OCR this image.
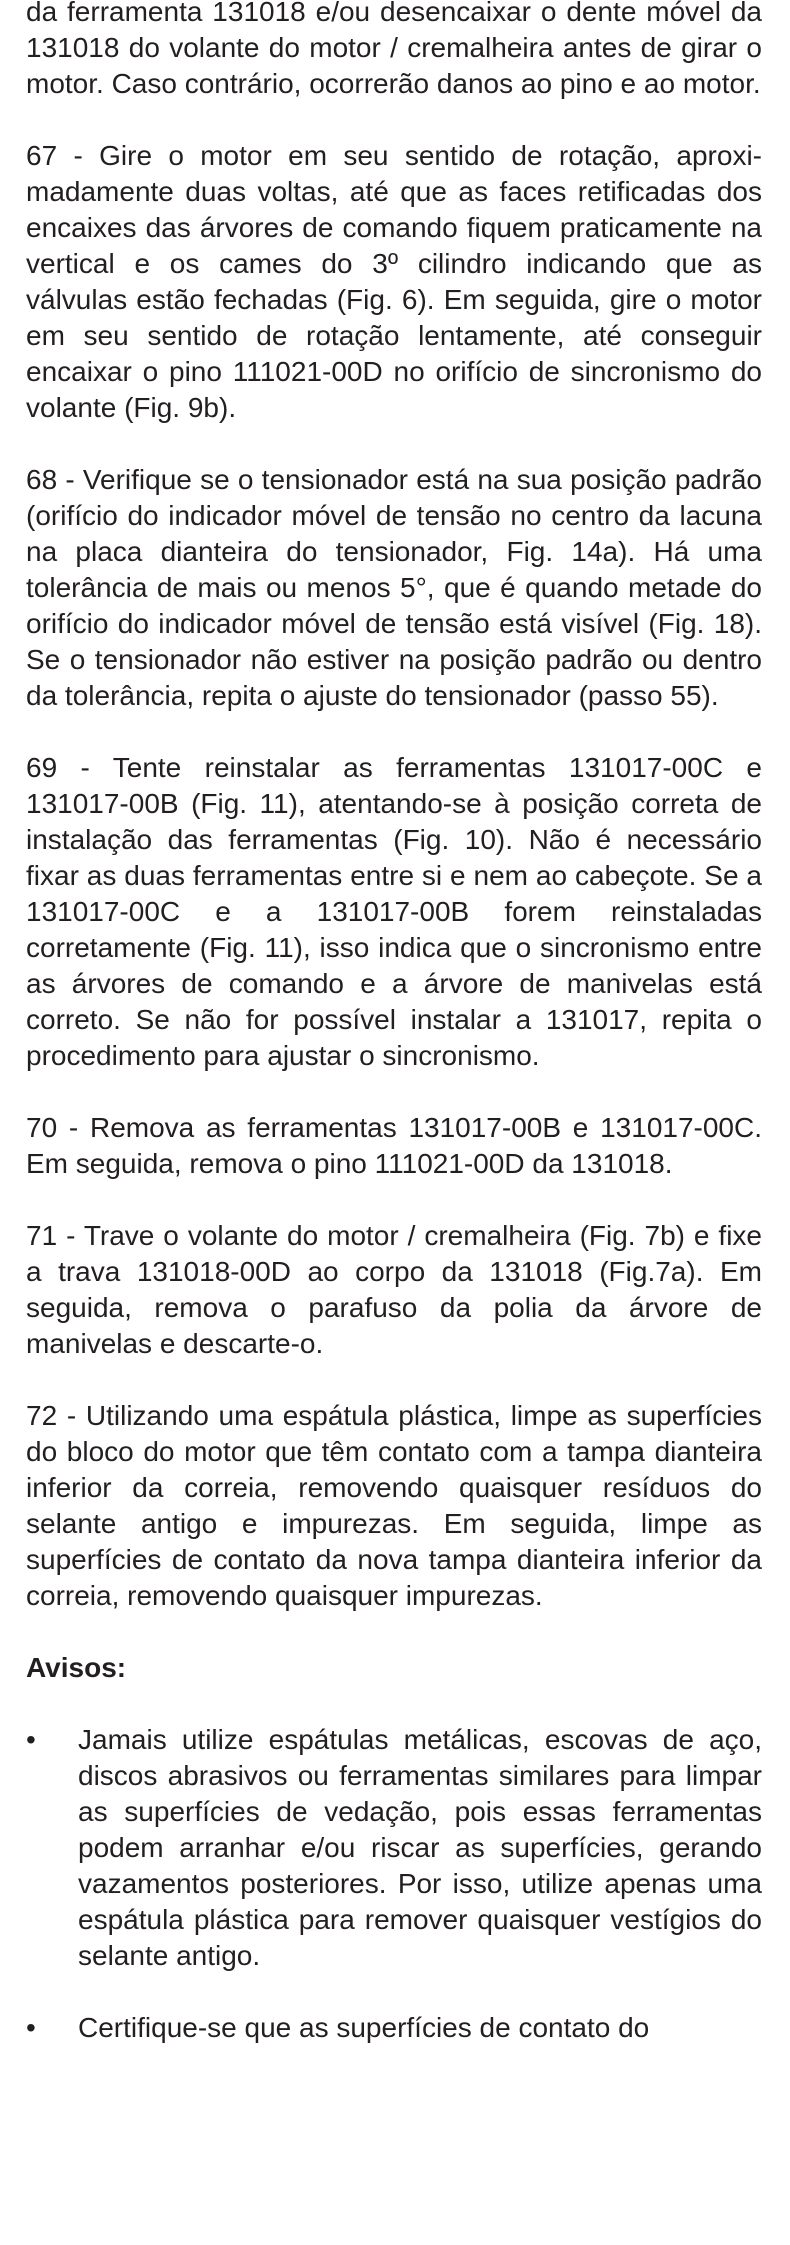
da ferramenta 131018 e/ou desencaixar o dente móvel da 131018 do volante do motor / cremalheira antes de girar o motor. Caso contrário, ocorrerão danos ao pino e ao motor.

67 - Gire o motor em seu sentido de rotação, aproximadamente duas voltas, até que as faces retificadas dos encaixes das árvores de comando fiquem praticamente na vertical e os cames do 3º cilindro indicando que as válvulas estão fechadas (Fig. 6). Em seguida, gire o motor em seu sentido de rotação lentamente, até conseguir encaixar o pino 111021-00D no orifício de sincronismo do volante (Fig. 9b).

68 - Verifique se o tensionador está na sua posição padrão (orifício do indicador móvel de tensão no centro da lacuna na placa dianteira do tensionador, Fig. 14a). Há uma tolerância de mais ou menos 5°, que é quando metade do orifício do indicador móvel de tensão está visível (Fig. 18). Se o tensionador não estiver na posição padrão ou dentro da tolerância, repita o ajuste do tensionador (passo 55).

69 - Tente reinstalar as ferramentas 131017-00C e 131017-00B (Fig. 11), atentando-se à posição correta de instalação das ferramentas (Fig. 10). Não é necessário fixar as duas ferramentas entre si e nem ao cabeçote. Se a 131017-00C e a 131017-00B forem reinstaladas corretamente (Fig. 11), isso indica que o sincronismo entre as árvores de comando e a árvore de manivelas está correto. Se não for possível instalar a 131017, repita o procedimento para ajustar o sincronismo.

70 - Remova as ferramentas 131017-00B e 131017-00C. Em seguida, remova o pino 111021-00D da 131018.

71 - Trave o volante do motor / cremalheira (Fig. 7b) e fixe a trava 131018-00D ao corpo da 131018 (Fig.7a). Em seguida, remova o parafuso da polia da árvore de manivelas e descarte-o.

72 - Utilizando uma espátula plástica, limpe as superfícies do bloco do motor que têm contato com a tampa dianteira inferior da correia, removendo quaisquer resíduos do selante antigo e impurezas. Em seguida, limpe as superfícies de contato da nova tampa dianteira inferior da correia, removendo quaisquer impurezas.

Avisos:

•	Jamais utilize espátulas metálicas, escovas de aço, discos abrasivos ou ferramentas similares para limpar as superfícies de vedação, pois essas ferramentas podem arranhar e/ou riscar as superfícies, gerando vazamentos posteriores. Por isso, utilize apenas uma espátula plástica para remover quaisquer vestígios do selante antigo.

•	Certifique-se que as superfícies de contato do
